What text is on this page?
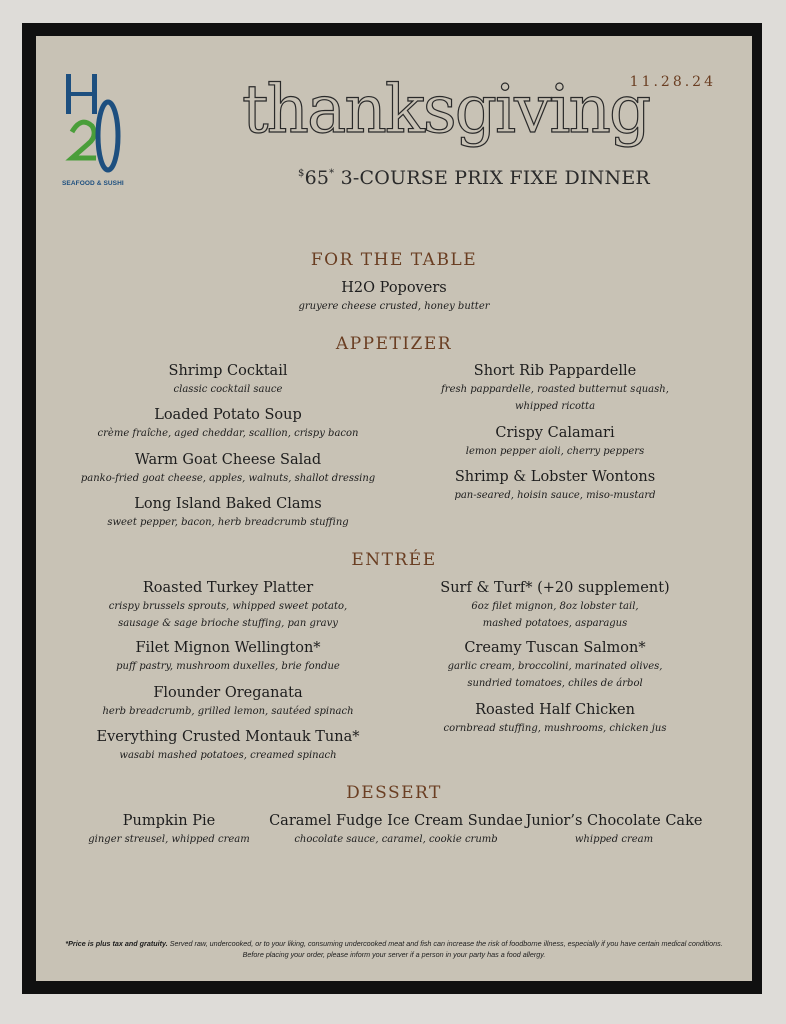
SEAFOOD & SUSHI
11.28.24
thanksgiving
$65* 3-COURSE PRIX FIXE DINNER
FOR THE TABLE
H2O Popovers
gruyere cheese crusted, honey butter
APPETIZER
Shrimp Cocktail
classic cocktail sauce
Loaded Potato Soup
crème fraîche, aged cheddar, scallion, crispy bacon
Warm Goat Cheese Salad
panko-fried goat cheese, apples, walnuts, shallot dressing
Long Island Baked Clams
sweet pepper, bacon, herb breadcrumb stuffing
Short Rib Pappardelle
fresh pappardelle, roasted butternut squash,
whipped ricotta
Crispy Calamari
lemon pepper aioli, cherry peppers
Shrimp & Lobster Wontons
pan-seared, hoisin sauce, miso-mustard
ENTRÉE
Roasted Turkey Platter
crispy brussels sprouts, whipped sweet potato,
sausage & sage brioche stuffing, pan gravy
Filet Mignon Wellington*
puff pastry, mushroom duxelles, brie fondue
Flounder Oreganata
herb breadcrumb, grilled lemon, sautéed spinach
Everything Crusted Montauk Tuna*
wasabi mashed potatoes, creamed spinach
Surf & Turf* (+20 supplement)
6oz filet mignon, 8oz lobster tail,
mashed potatoes, asparagus
Creamy Tuscan Salmon*
garlic cream, broccolini, marinated olives,
sundried tomatoes, chiles de árbol
Roasted Half Chicken
cornbread stuffing, mushrooms, chicken jus
DESSERT
Pumpkin Pie
ginger streusel, whipped cream
Caramel Fudge Ice Cream Sundae
chocolate sauce, caramel, cookie crumb
Junior’s Chocolate Cake
whipped cream
*Price is plus tax and gratuity. Served raw, undercooked, or to your liking, consuming undercooked meat and fish can increase the risk of foodborne illness, especially if you have certain medical conditions. Before placing your order, please inform your server if a person in your party has a food allergy.
